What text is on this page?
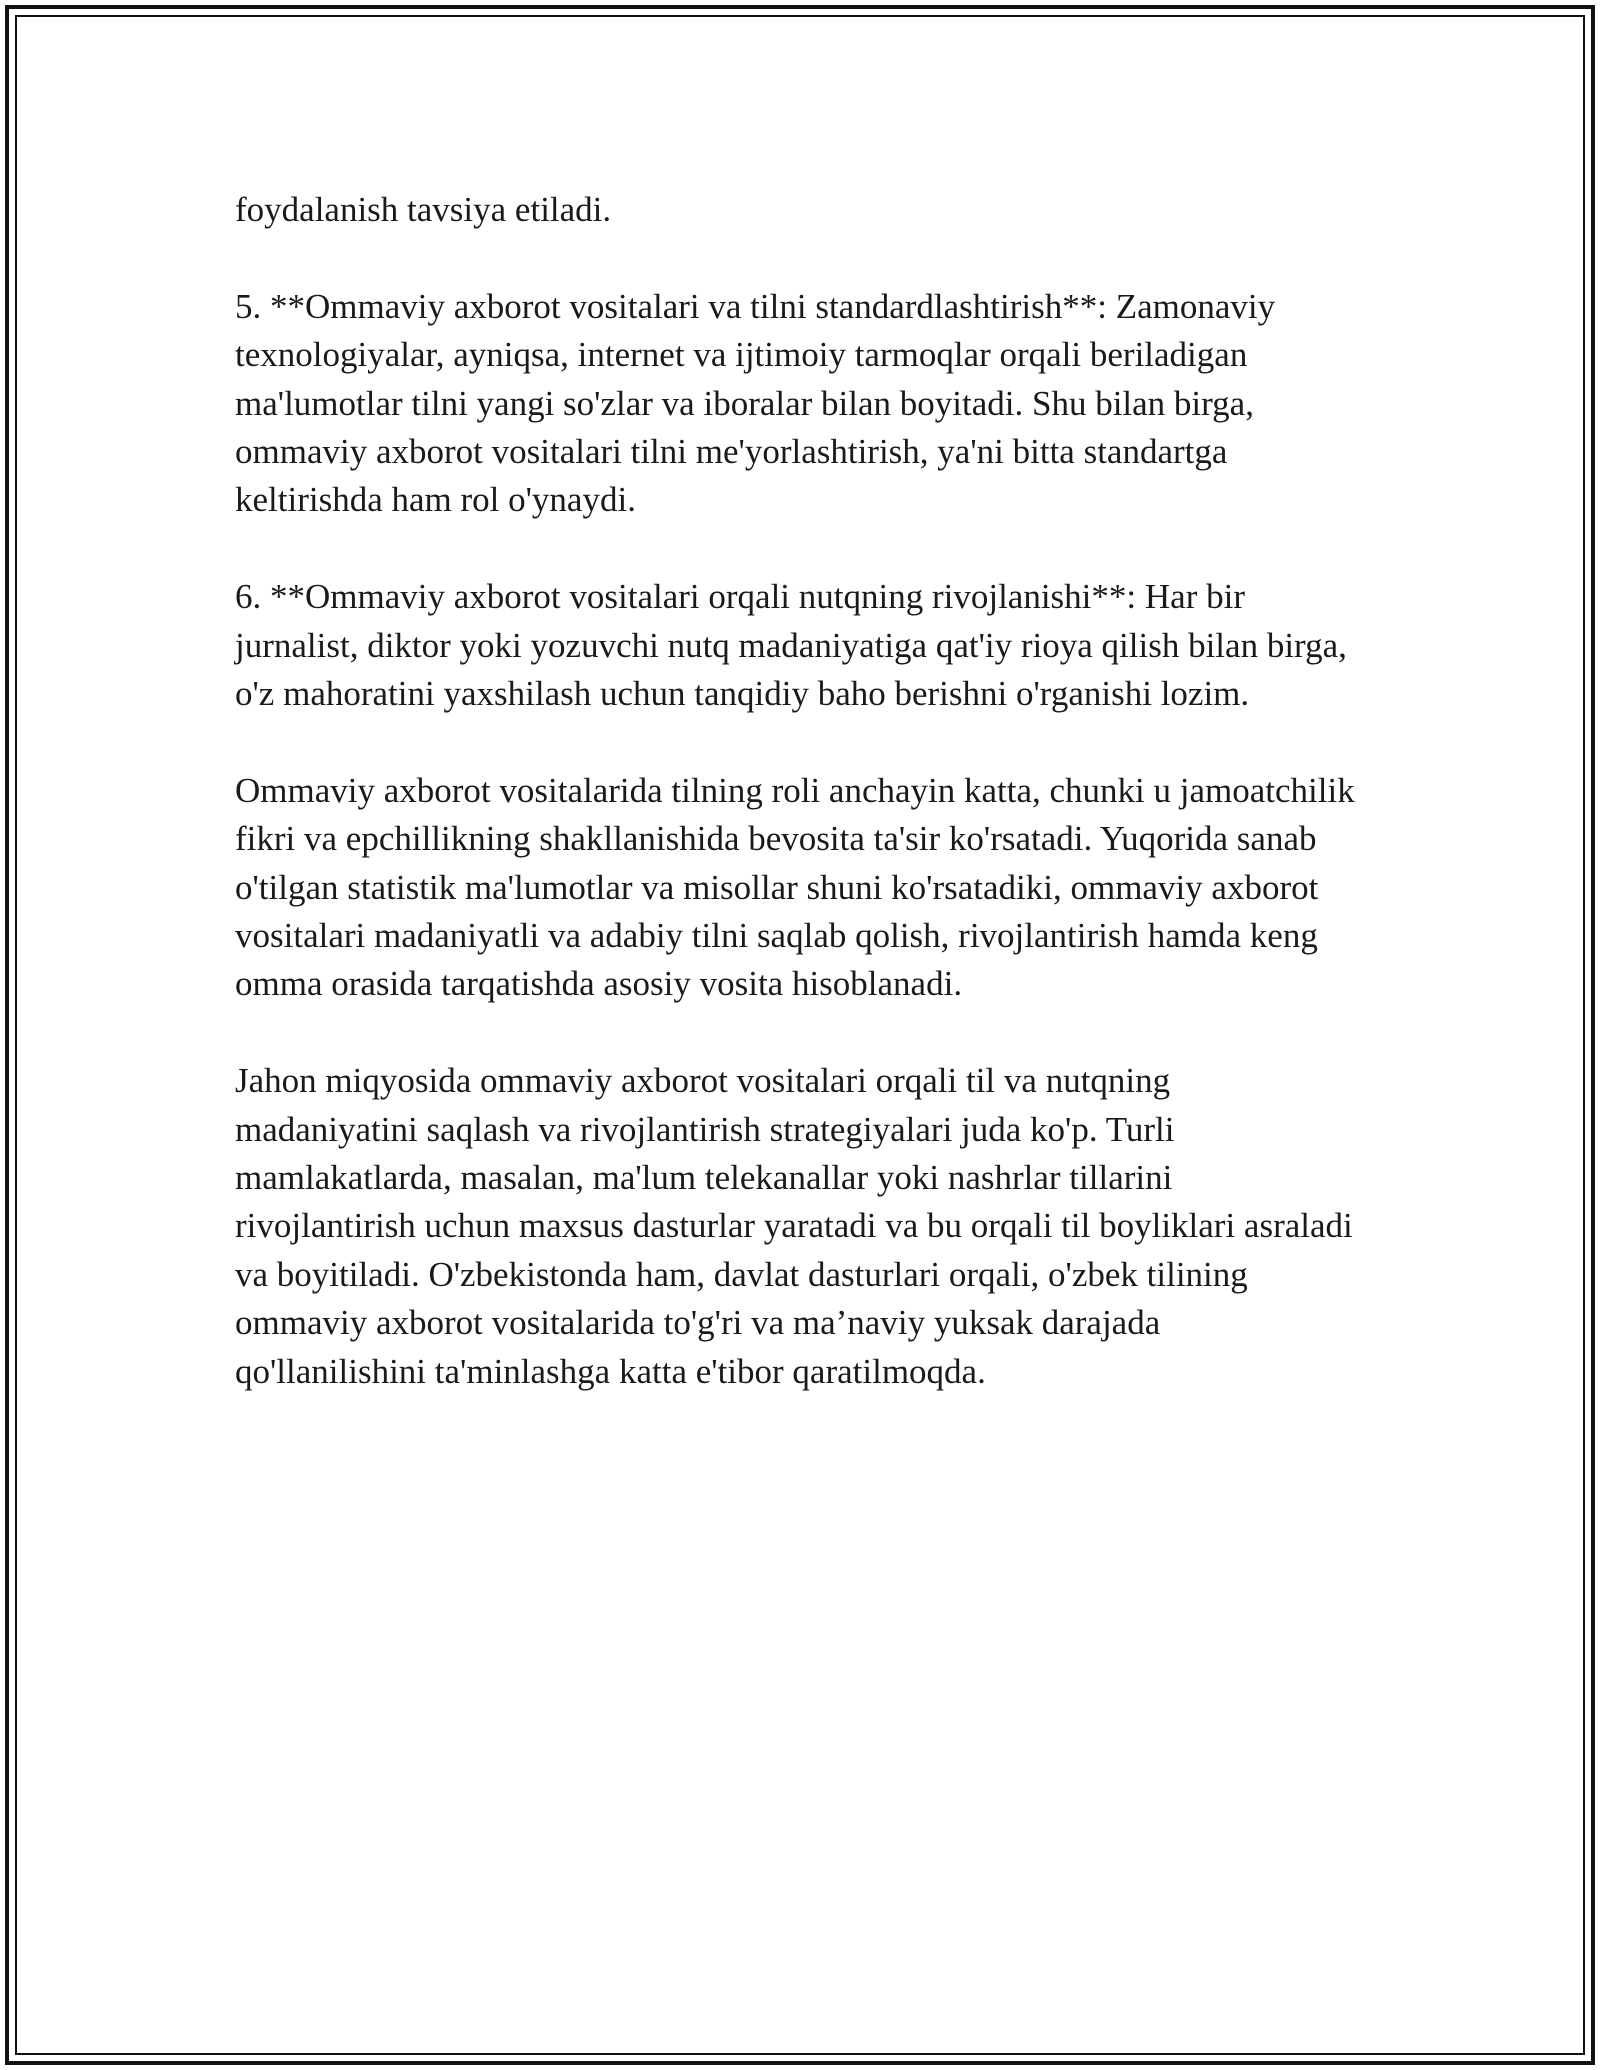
foydalanish tavsiya etiladi.

5. **Ommaviy axborot vositalari va tilni standardlashtirish**: Zamonaviy texnologiyalar, ayniqsa, internet va ijtimoiy tarmoqlar orqali beriladigan ma'lumotlar tilni yangi so'zlar va iboralar bilan boyitadi. Shu bilan birga, ommaviy axborot vositalari tilni me'yorlashtirish, ya'ni bitta standartga keltirishda ham rol o'ynaydi.

6. **Ommaviy axborot vositalari orqali nutqning rivojlanishi**: Har bir jurnalist, diktor yoki yozuvchi nutq madaniyatiga qat'iy rioya qilish bilan birga, o'z mahoratini yaxshilash uchun tanqidiy baho berishni o'rganishi lozim.

Ommaviy axborot vositalarida tilning roli anchayin katta, chunki u jamoatchilik fikri va epchillikning shakllanishida bevosita ta'sir ko'rsatadi. Yuqorida sanab o'tilgan statistik ma'lumotlar va misollar shuni ko'rsatadiki, ommaviy axborot vositalari madaniyatli va adabiy tilni saqlab qolish, rivojlantirish hamda keng omma orasida tarqatishda asosiy vosita hisoblanadi.

Jahon miqyosida ommaviy axborot vositalari orqali til va nutqning madaniyatini saqlash va rivojlantirish strategiyalari juda ko'p. Turli mamlakatlarda, masalan, ma'lum telekanallar yoki nashrlar tillarini rivojlantirish uchun maxsus dasturlar yaratadi va bu orqali til boyliklari asraladi va boyitiladi. O'zbekistonda ham, davlat dasturlari orqali, o'zbek tilining ommaviy axborot vositalarida to'g'ri va ma’naviy yuksak darajada qo'llanilishini ta'minlashga katta e'tibor qaratilmoqda.
